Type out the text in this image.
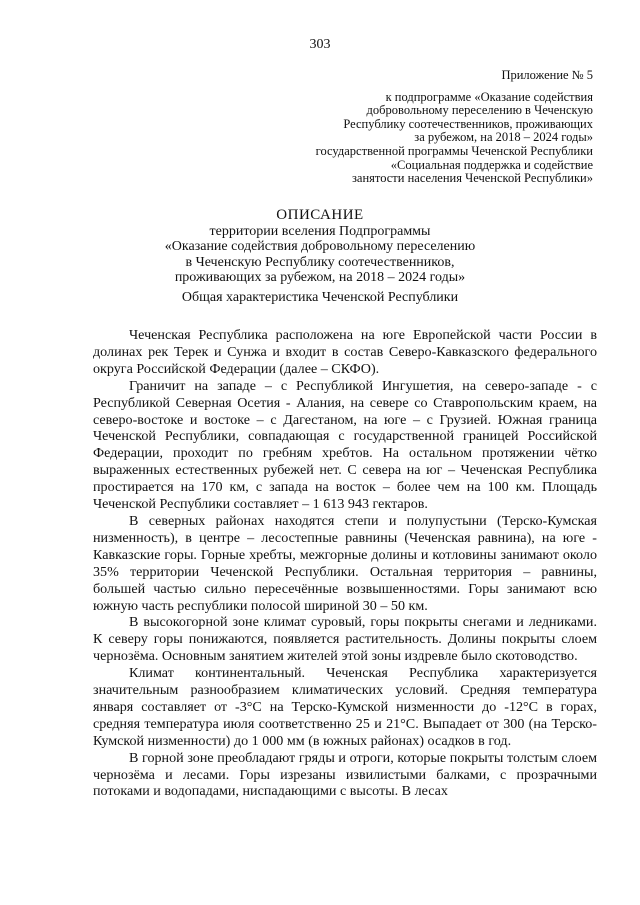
303
Приложение № 5
к подпрограмме «Оказание содействия
добровольному переселению в Чеченскую
Республику соотечественников, проживающих
за рубежом, на 2018 – 2024 годы»
государственной программы Чеченской Республики
«Социальная поддержка и содействие
занятости населения Чеченской Республики»
ОПИСАНИЕ
территории вселения Подпрограммы
«Оказание содействия добровольному переселению
в Чеченскую Республику соотечественников,
проживающих за рубежом, на 2018 – 2024 годы»
Общая характеристика Чеченской Республики

Чеченская Республика расположена на юге Европейской части России в долинах рек Терек и Сунжа и входит в состав Северо-Кавказского федерального округа Российской Федерации (далее – СКФО).

Граничит на западе – с Республикой Ингушетия, на северо-западе - с Республикой Северная Осетия - Алания, на севере со Ставропольским краем, на северо-востоке и востоке – с Дагестаном, на юге – с Грузией. Южная граница Чеченской Республики, совпадающая с государственной границей Российской Федерации, проходит по гребням хребтов. На остальном протяжении чётко выраженных естественных рубежей нет. С севера на юг – Чеченская Республика простирается на 170 км, с запада на восток – более чем на 100 км. Площадь Чеченской Республики составляет – 1 613 943 гектаров.

В северных районах находятся степи и полупустыни (Терско-Кумская низменность), в центре – лесостепные равнины (Чеченская равнина), на юге - Кавказские горы. Горные хребты, межгорные долины и котловины занимают около 35% территории Чеченской Республики. Остальная территория – равнины, большей частью сильно пересечённые возвышенностями. Горы занимают всю южную часть республики полосой шириной 30 – 50 км.

В высокогорной зоне климат суровый, горы покрыты снегами и ледниками. К северу горы понижаются, появляется растительность. Долины покрыты слоем чернозёма. Основным занятием жителей этой зоны издревле было скотоводство.

Климат континентальный. Чеченская Республика характеризуется значительным разнообразием климатических условий. Средняя температура января составляет от -3°С на Терско-Кумской низменности до -12°С в горах, средняя температура июля соответственно 25 и 21°С. Выпадает от 300 (на Терско-Кумской низменности) до 1 000 мм (в южных районах) осадков в год.

В горной зоне преобладают гряды и отроги, которые покрыты толстым слоем чернозёма и лесами. Горы изрезаны извилистыми балками, с прозрачными потоками и водопадами, ниспадающими с высоты. В лесах
